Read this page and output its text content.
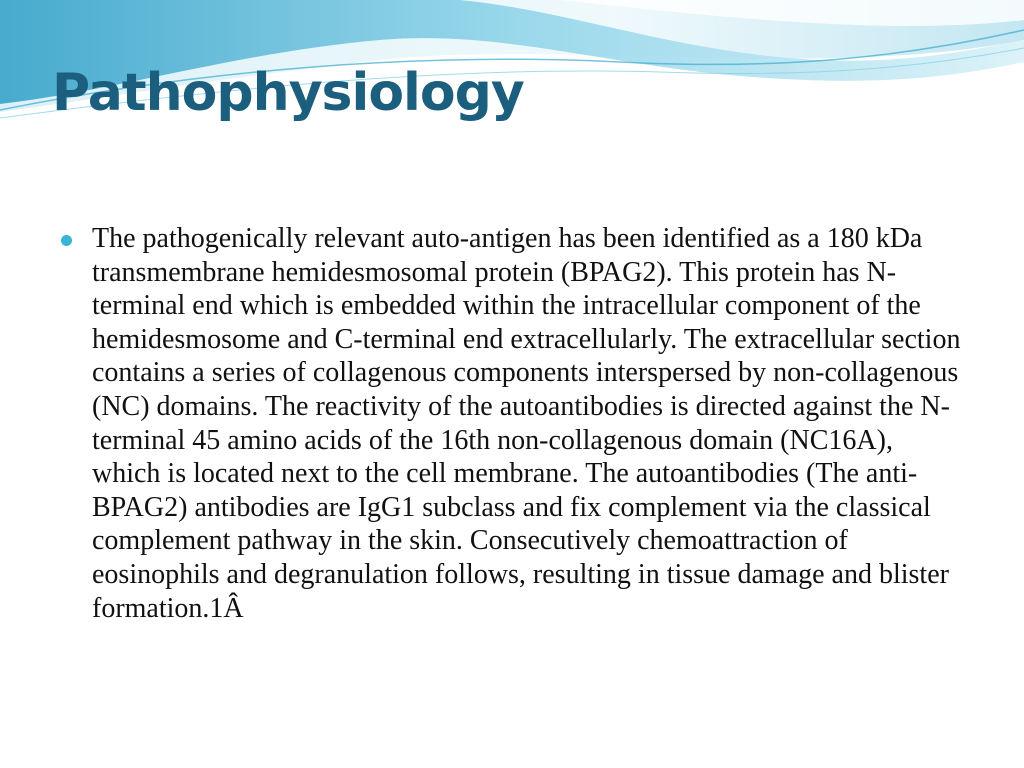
Pathophysiology

The pathogenically relevant auto-antigen has been identified as a 180 kDa transmembrane hemidesmosomal protein (BPAG2). This protein has N-terminal end which is embedded within the intracellular component of the hemidesmosome and C-terminal end extracellularly. The extracellular section contains a series of collagenous components interspersed by non-collagenous (NC) domains. The reactivity of the autoantibodies is directed against the N-terminal 45 amino acids of the 16th non-collagenous domain (NC16A), which is located next to the cell membrane. The autoantibodies (The anti-BPAG2) antibodies are IgG1 subclass and fix complement via the classical complement pathway in the skin. Consecutively chemoattraction of eosinophils and degranulation follows, resulting in tissue damage and blister formation.1Â
